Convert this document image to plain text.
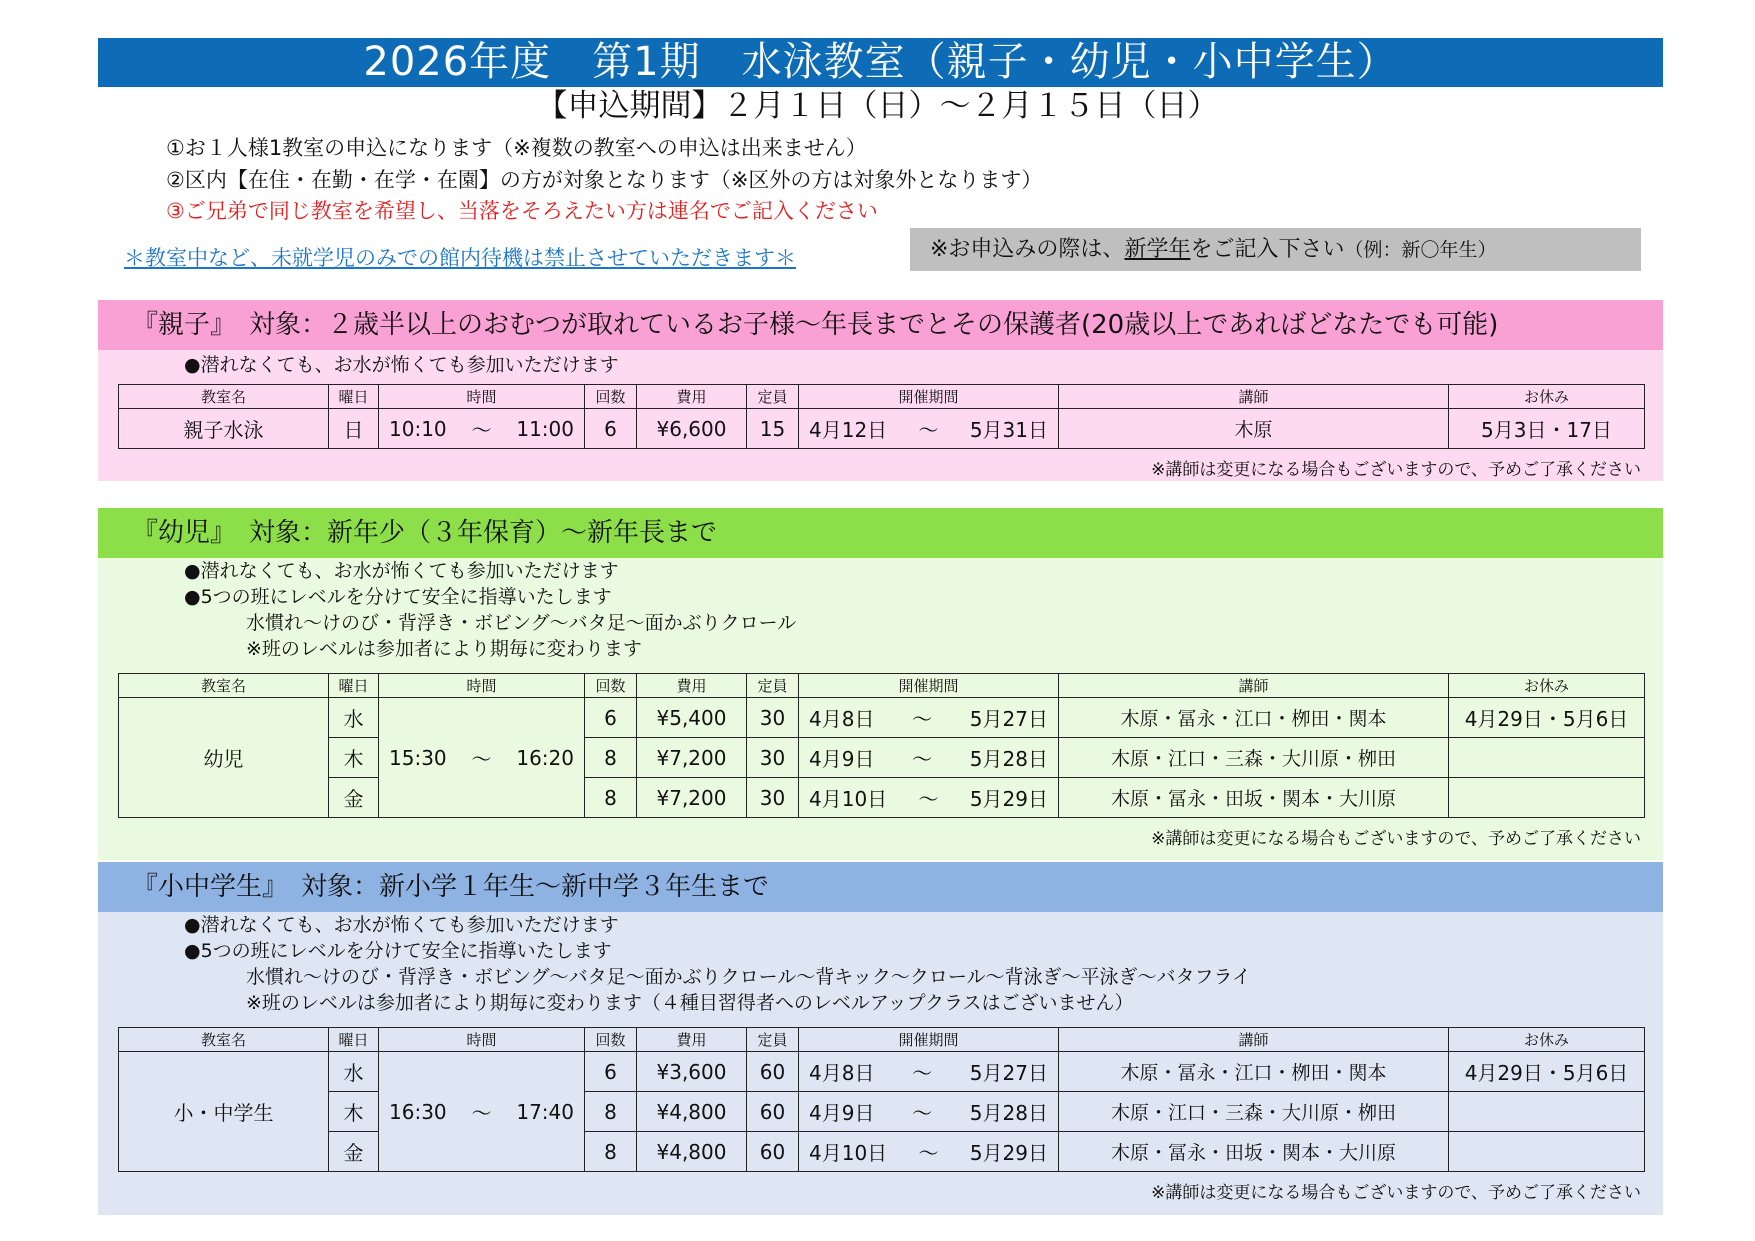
2026年度　第1期　水泳教室（親子・幼児・小中学生）
【申込期間】２月１日（日）～２月１５日（日）
①お１人様1教室の申込になります（※複数の教室への申込は出来ません）
②区内【在住・在勤・在学・在園】の方が対象となります（※区外の方は対象外となります）
③ご兄弟で同じ教室を希望し、当落をそろえたい方は連名でご記入ください
＊教室中など、未就学児のみでの館内待機は禁止させていただきます＊	※お申込みの際は、新学年をご記入下さい（例：新〇年生）
『親子』　対象：２歳半以上のおむつが取れているお子様～年長までとその保護者(20歳以上であればどなたでも可能)
●潜れなくても、お水が怖くても参加いただけます
教室名	曜日	時間	回数	費用	定員	開催期間	講師	お休み
親子水泳	日	10:10 ～ 11:00	6	¥6,600	15	4月12日 ～ 5月31日	木原	5月3日・17日
※講師は変更になる場合もございますので、予めご了承ください
『幼児』　対象：新年少（３年保育）～新年長まで
●潜れなくても、お水が怖くても参加いただけます
●5つの班にレベルを分けて安全に指導いたします
水慣れ～けのび・背浮き・ボビング～バタ足～面かぶりクロール
※班のレベルは参加者により期毎に変わります
教室名	曜日	時間	回数	費用	定員	開催期間	講師	お休み
幼児	水	15:30 ～ 16:20	6	¥5,400	30	4月8日 ～ 5月27日	木原・冨永・江口・栁田・関本	4月29日・5月6日
	木		8	¥7,200	30	4月9日 ～ 5月28日	木原・江口・三森・大川原・栁田	
	金		8	¥7,200	30	4月10日 ～ 5月29日	木原・冨永・田坂・関本・大川原	
※講師は変更になる場合もございますので、予めご了承ください
『小中学生』　対象：新小学１年生～新中学３年生まで
●潜れなくても、お水が怖くても参加いただけます
●5つの班にレベルを分けて安全に指導いたします
水慣れ～けのび・背浮き・ボビング～バタ足～面かぶりクロール～背キック～クロール～背泳ぎ～平泳ぎ～バタフライ
※班のレベルは参加者により期毎に変わります（４種目習得者へのレベルアップクラスはございません）
教室名	曜日	時間	回数	費用	定員	開催期間	講師	お休み
小・中学生	水	16:30 ～ 17:40	6	¥3,600	60	4月8日 ～ 5月27日	木原・冨永・江口・栁田・関本	4月29日・5月6日
	木		8	¥4,800	60	4月9日 ～ 5月28日	木原・江口・三森・大川原・栁田	
	金		8	¥4,800	60	4月10日 ～ 5月29日	木原・冨永・田坂・関本・大川原	
※講師は変更になる場合もございますので、予めご了承ください
